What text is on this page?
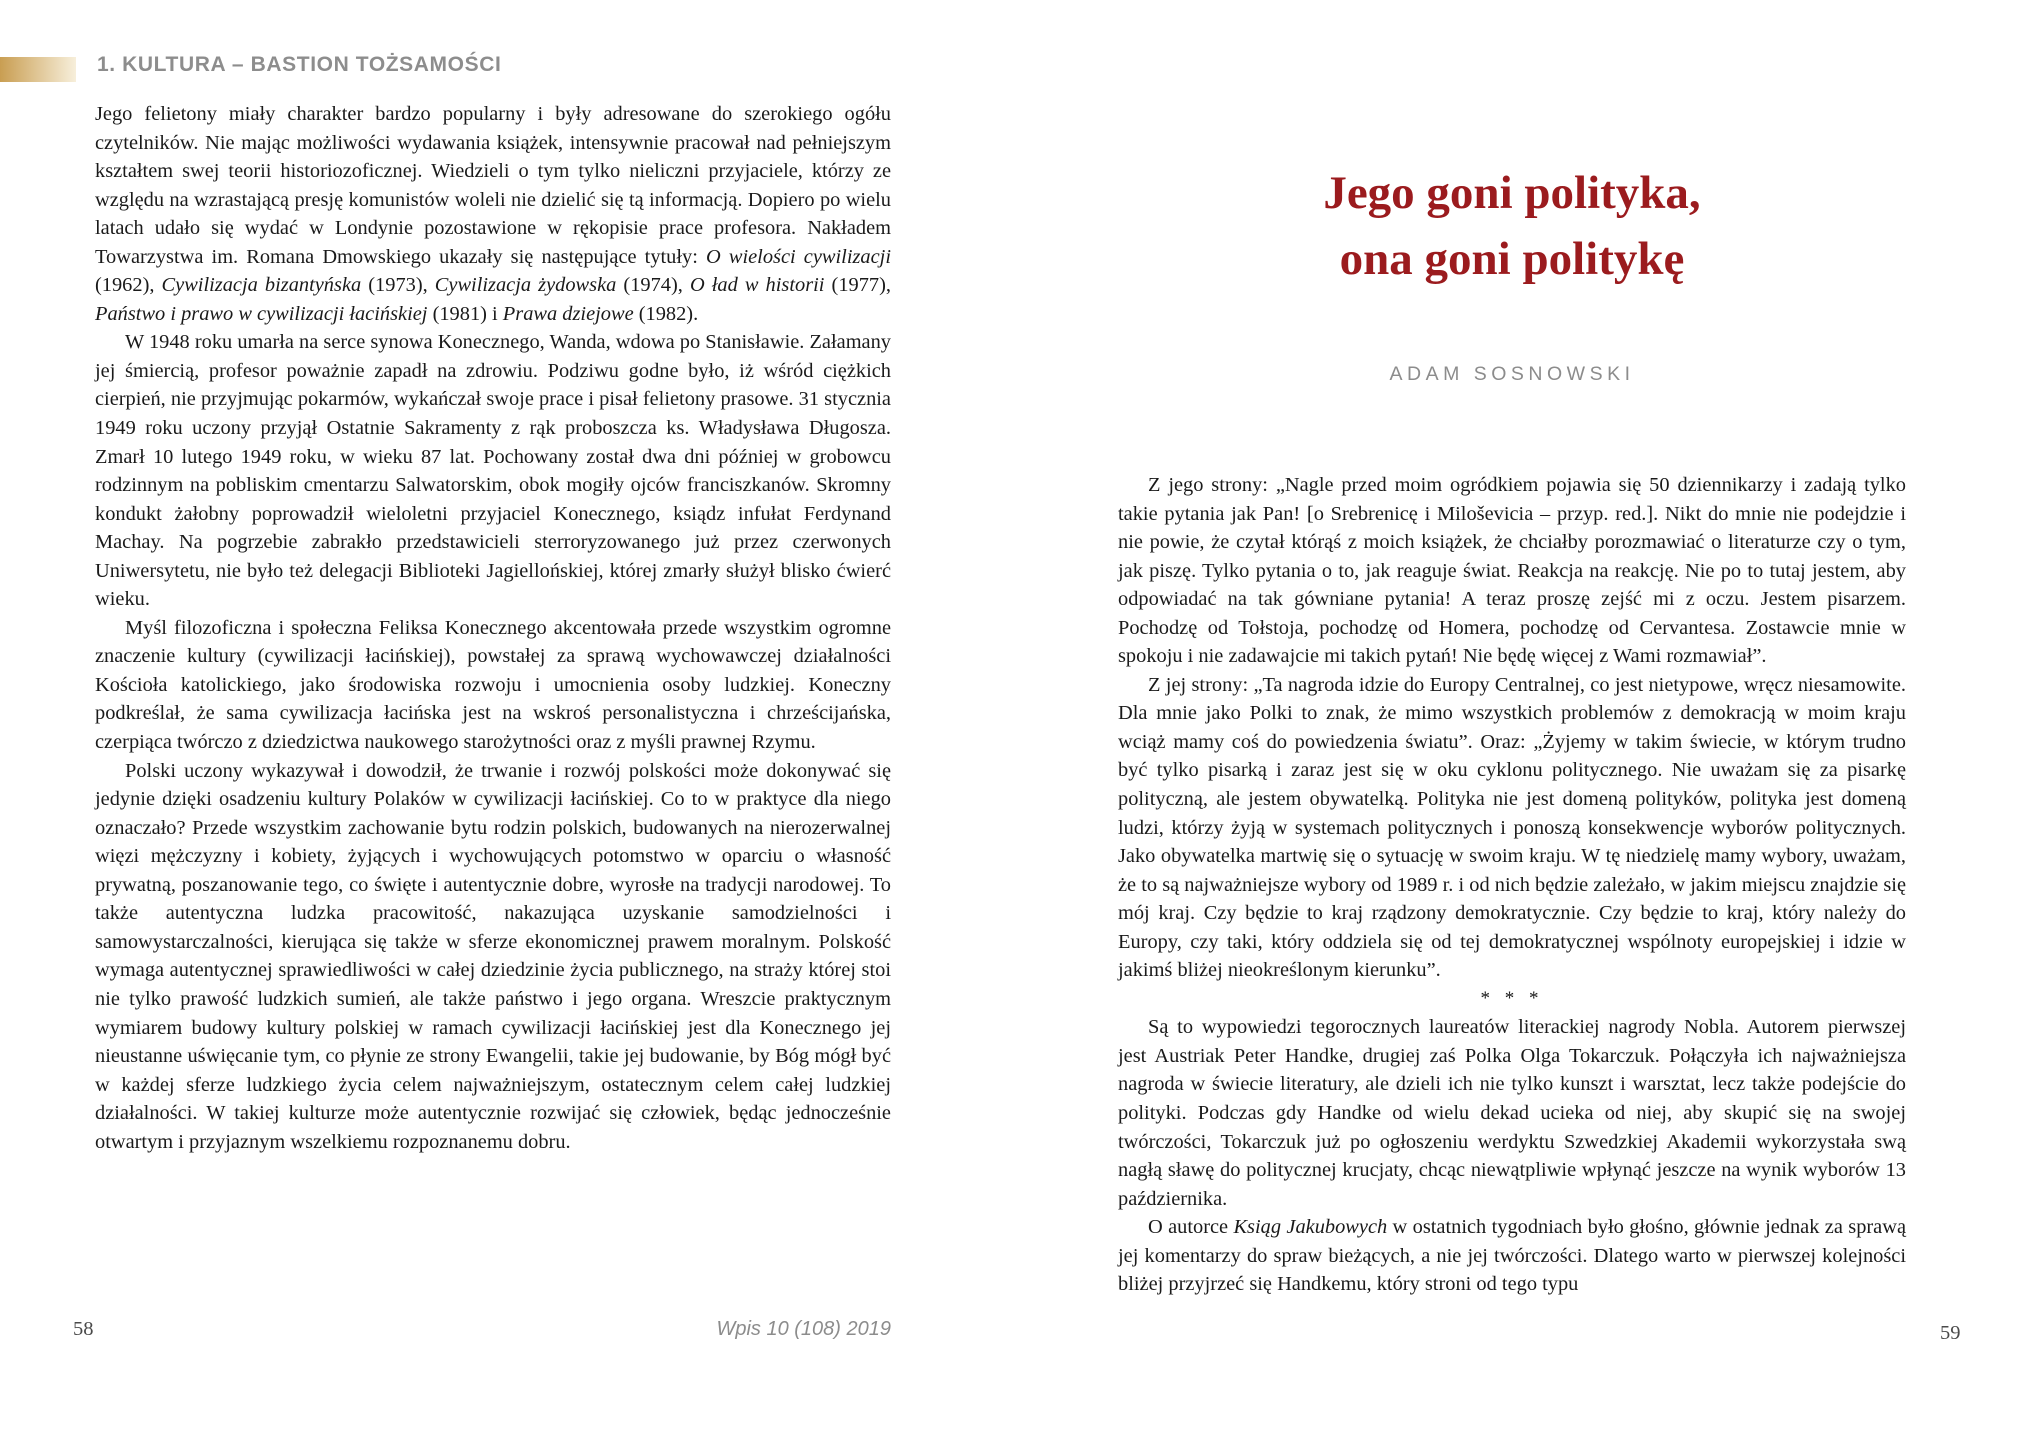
1. KULTURA – BASTION TOŻSAMOŚCI

Jego felietony miały charakter bardzo popularny i były adresowane do szerokiego ogółu czytelników. Nie mając możliwości wydawania książek, intensywnie pracował nad pełniejszym kształtem swej teorii historiozoficznej. Wiedzieli o tym tylko nieliczni przyjaciele, którzy ze względu na wzrastającą presję komunistów woleli nie dzielić się tą informacją. Dopiero po wielu latach udało się wydać w Londynie pozostawione w rękopisie prace profesora. Nakładem Towarzystwa im. Romana Dmowskiego ukazały się następujące tytuły: O wielości cywilizacji (1962), Cywilizacja bizantyńska (1973), Cywilizacja żydowska (1974), O ład w historii (1977), Państwo i prawo w cywilizacji łacińskiej (1981) i Prawa dziejowe (1982).

W 1948 roku umarła na serce synowa Konecznego, Wanda, wdowa po Stanisławie. Załamany jej śmiercią, profesor poważnie zapadł na zdrowiu. Podziwu godne było, iż wśród ciężkich cierpień, nie przyjmując pokarmów, wykańczał swoje prace i pisał felietony prasowe. 31 stycznia 1949 roku uczony przyjął Ostatnie Sakramenty z rąk proboszcza ks. Władysława Długosza. Zmarł 10 lutego 1949 roku, w wieku 87 lat. Pochowany został dwa dni później w grobowcu rodzinnym na pobliskim cmentarzu Salwatorskim, obok mogiły ojców franciszkanów. Skromny kondukt żałobny poprowadził wieloletni przyjaciel Konecznego, ksiądz infułat Ferdynand Machay. Na pogrzebie zabrakło przedstawicieli sterroryzowanego już przez czerwonych Uniwersytetu, nie było też delegacji Biblioteki Jagiellońskiej, której zmarły służył blisko ćwierć wieku.

Myśl filozoficzna i społeczna Feliksa Konecznego akcentowała przede wszystkim ogromne znaczenie kultury (cywilizacji łacińskiej), powstałej za sprawą wychowawczej działalności Kościoła katolickiego, jako środowiska rozwoju i umocnienia osoby ludzkiej. Koneczny podkreślał, że sama cywilizacja łacińska jest na wskroś personalistyczna i chrześcijańska, czerpiąca twórczo z dziedzictwa naukowego starożytności oraz z myśli prawnej Rzymu.

Polski uczony wykazywał i dowodził, że trwanie i rozwój polskości może dokonywać się jedynie dzięki osadzeniu kultury Polaków w cywilizacji łacińskiej. Co to w praktyce dla niego oznaczało? Przede wszystkim zachowanie bytu rodzin polskich, budowanych na nierozerwalnej więzi mężczyzny i kobiety, żyjących i wychowujących potomstwo w oparciu o własność prywatną, poszanowanie tego, co święte i autentycznie dobre, wyrosłe na tradycji narodowej. To także autentyczna ludzka pracowitość, nakazująca uzyskanie samodzielności i samowystarczalności, kierująca się także w sferze ekonomicznej prawem moralnym. Polskość wymaga autentycznej sprawiedliwości w całej dziedzinie życia publicznego, na straży której stoi nie tylko prawość ludzkich sumień, ale także państwo i jego organa. Wreszcie praktycznym wymiarem budowy kultury polskiej w ramach cywilizacji łacińskiej jest dla Konecznego jej nieustanne uświęcanie tym, co płynie ze strony Ewangelii, takie jej budowanie, by Bóg mógł być w każdej sferze ludzkiego życia celem najważniejszym, ostatecznym celem całej ludzkiej działalności. W takiej kulturze może autentycznie rozwijać się człowiek, będąc jednocześnie otwartym i przyjaznym wszelkiemu rozpoznanemu dobru.

58	Wpis 10 (108) 2019
Jego goni polityka,
ona goni politykę
ADAM SOSNOWSKI

Z jego strony: „Nagle przed moim ogródkiem pojawia się 50 dziennikarzy i zadają tylko takie pytania jak Pan! [o Srebrenicę i Miloševicia – przyp. red.]. Nikt do mnie nie podejdzie i nie powie, że czytał którąś z moich książek, że chciałby porozmawiać o literaturze czy o tym, jak piszę. Tylko pytania o to, jak reaguje świat. Reakcja na reakcję. Nie po to tutaj jestem, aby odpowiadać na tak gówniane pytania! A teraz proszę zejść mi z oczu. Jestem pisarzem. Pochodzę od Tołstoja, pochodzę od Homera, pochodzę od Cervantesa. Zostawcie mnie w spokoju i nie zadawajcie mi takich pytań! Nie będę więcej z Wami rozmawiał”.

Z jej strony: „Ta nagroda idzie do Europy Centralnej, co jest nietypowe, wręcz niesamowite. Dla mnie jako Polki to znak, że mimo wszystkich problemów z demokracją w moim kraju wciąż mamy coś do powiedzenia światu”. Oraz: „Żyjemy w takim świecie, w którym trudno być tylko pisarką i zaraz jest się w oku cyklonu politycznego. Nie uważam się za pisarkę polityczną, ale jestem obywatelką. Polityka nie jest domeną polityków, polityka jest domeną ludzi, którzy żyją w systemach politycznych i ponoszą konsekwencje wyborów politycznych. Jako obywatelka martwię się o sytuację w swoim kraju. W tę niedzielę mamy wybory, uważam, że to są najważniejsze wybory od 1989 r. i od nich będzie zależało, w jakim miejscu znajdzie się mój kraj. Czy będzie to kraj rządzony demokratycznie. Czy będzie to kraj, który należy do Europy, czy taki, który oddziela się od tej demokratycznej wspólnoty europejskiej i idzie w jakimś bliżej nieokreślonym kierunku”.

* * *

Są to wypowiedzi tegorocznych laureatów literackiej nagrody Nobla. Autorem pierwszej jest Austriak Peter Handke, drugiej zaś Polka Olga Tokarczuk. Połączyła ich najważniejsza nagroda w świecie literatury, ale dzieli ich nie tylko kunszt i warsztat, lecz także podejście do polityki. Podczas gdy Handke od wielu dekad ucieka od niej, aby skupić się na swojej twórczości, Tokarczuk już po ogłoszeniu werdyktu Szwedzkiej Akademii wykorzystała swą nagłą sławę do politycznej krucjaty, chcąc niewątpliwie wpłynąć jeszcze na wynik wyborów 13 października.

O autorce Ksiąg Jakubowych w ostatnich tygodniach było głośno, głównie jednak za sprawą jej komentarzy do spraw bieżących, a nie jej twórczości. Dlatego warto w pierwszej kolejności bliżej przyjrzeć się Handkemu, który stroni od tego typu

59
